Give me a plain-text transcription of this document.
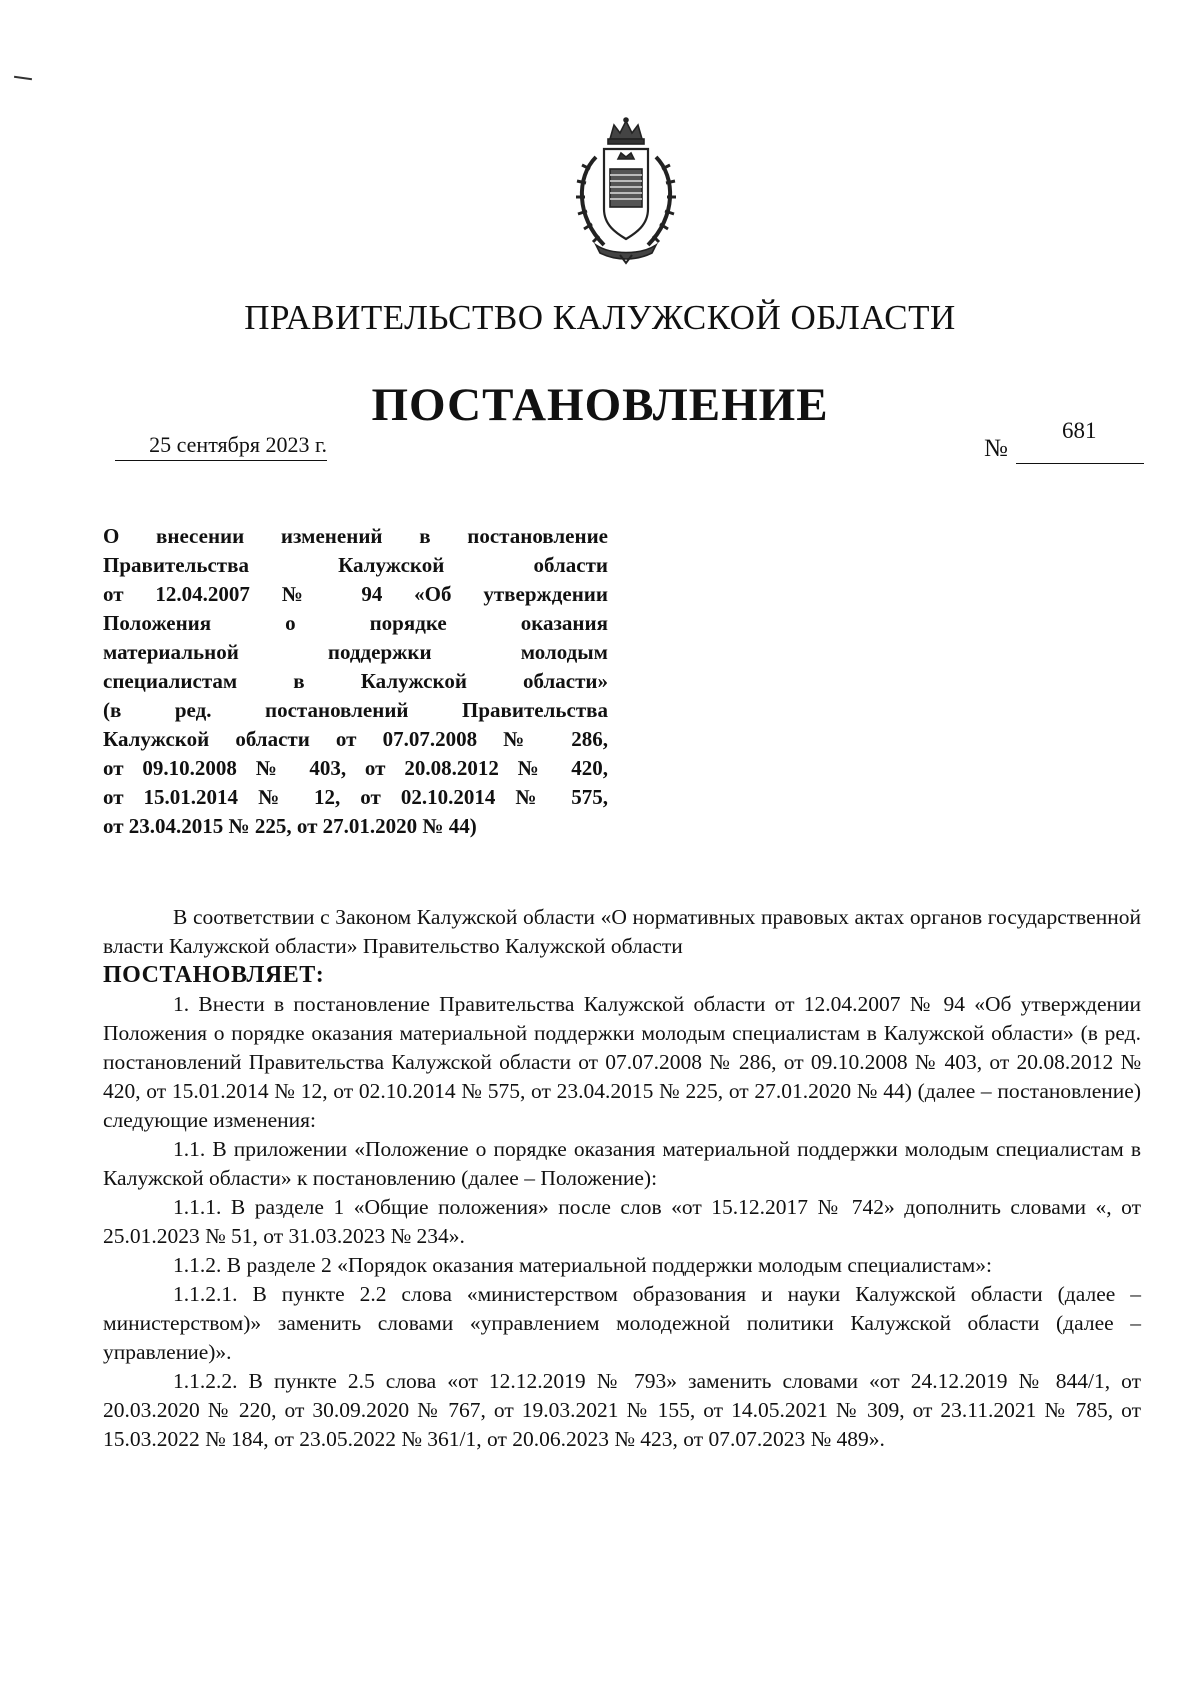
ПРАВИТЕЛЬСТВО КАЛУЖСКОЙ ОБЛАСТИ
ПОСТАНОВЛЕНИЕ
25 сентября 2023 г.	№
681
О внесении изменений в постановление
Правительства Калужской области
от 12.04.2007 № 94 «Об утверждении
Положения о порядке оказания
материальной поддержки молодым
специалистам в Калужской области»
(в ред. постановлений Правительства
Калужской области от 07.07.2008 № 286,
от 09.10.2008 № 403, от 20.08.2012 № 420,
от 15.01.2014 № 12, от 02.10.2014 № 575,
от 23.04.2015 № 225, от 27.01.2020 № 44)

В соответствии с Законом Калужской области «О нормативных правовых актах органов государственной власти Калужской области» Правительство Калужской области

ПОСТАНОВЛЯЕТ:

1. Внести в постановление Правительства Калужской области от 12.04.2007 № 94 «Об утверждении Положения о порядке оказания материальной поддержки молодым специалистам в Калужской области» (в ред. постановлений Правительства Калужской области от 07.07.2008 № 286, от 09.10.2008 № 403, от 20.08.2012 № 420, от 15.01.2014 № 12, от 02.10.2014 № 575, от 23.04.2015 № 225, от 27.01.2020 № 44) (далее – постановление) следующие изменения:

1.1. В приложении «Положение о порядке оказания материальной поддержки молодым специалистам в Калужской области» к постановлению (далее – Положение):

1.1.1. В разделе 1 «Общие положения» после слов «от 15.12.2017 № 742» дополнить словами «, от 25.01.2023 № 51, от 31.03.2023 № 234».

1.1.2. В разделе 2 «Порядок оказания материальной поддержки молодым специалистам»:

1.1.2.1. В пункте 2.2 слова «министерством образования и науки Калужской области (далее – министерством)» заменить словами «управлением молодежной политики Калужской области (далее – управление)».

1.1.2.2. В пункте 2.5 слова «от 12.12.2019 № 793» заменить словами «от 24.12.2019 № 844/1, от 20.03.2020 № 220, от 30.09.2020 № 767, от 19.03.2021 № 155, от 14.05.2021 № 309, от 23.11.2021 № 785, от 15.03.2022 № 184, от 23.05.2022 № 361/1, от 20.06.2023 № 423, от 07.07.2023 № 489».
